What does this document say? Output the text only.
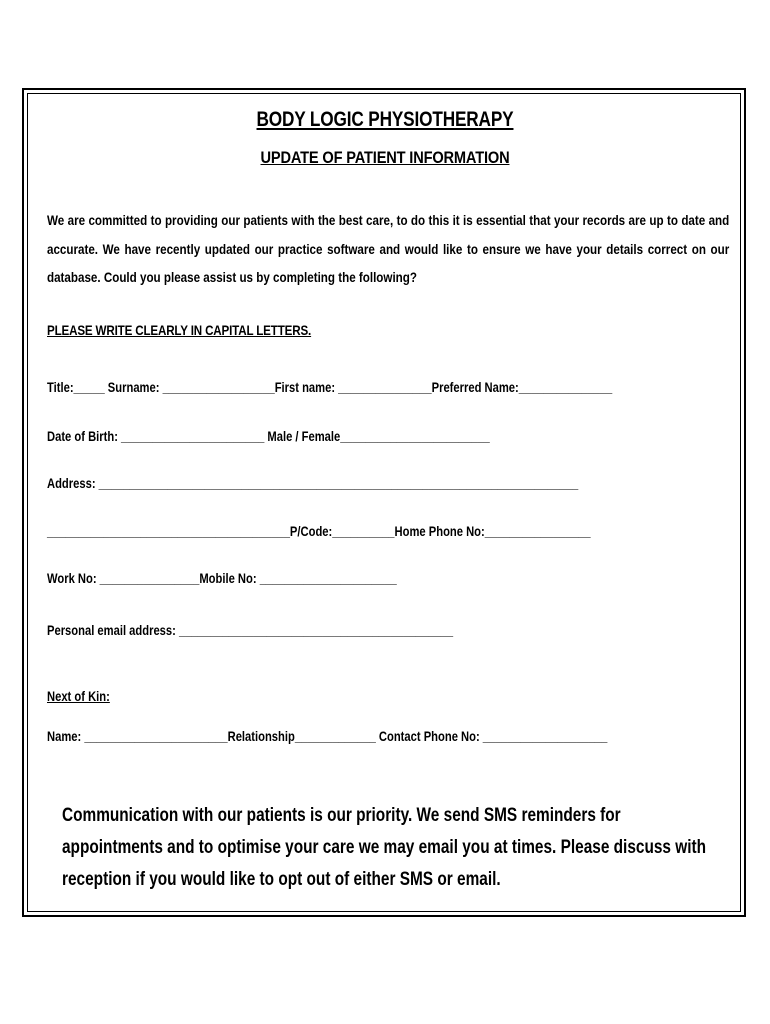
BODY LOGIC PHYSIOTHERAPY
UPDATE OF PATIENT INFORMATION
We are committed to providing our patients with the best care, to do this it is essential that your records are up to date and accurate. We have recently updated our practice software and would like to ensure we have your details correct on our database. Could you please assist us by completing the following?
PLEASE WRITE CLEARLY IN CAPITAL LETTERS.
Title:_____ Surname: __________________First name: _______________Preferred Name:_______________
Date of Birth: _______________________ Male / Female________________________
Address: _____________________________________________________________________________
_______________________________________P/Code:__________Home Phone No:_________________
Work No: ________________Mobile No: ______________________
Personal email address: ____________________________________________
Next of Kin:
Name: _______________________Relationship_____________ Contact Phone No: ____________________
Communication with our patients is our priority. We send SMS reminders for appointments and to optimise your care we may email you at times. Please discuss with reception if you would like to opt out of either SMS or email.
